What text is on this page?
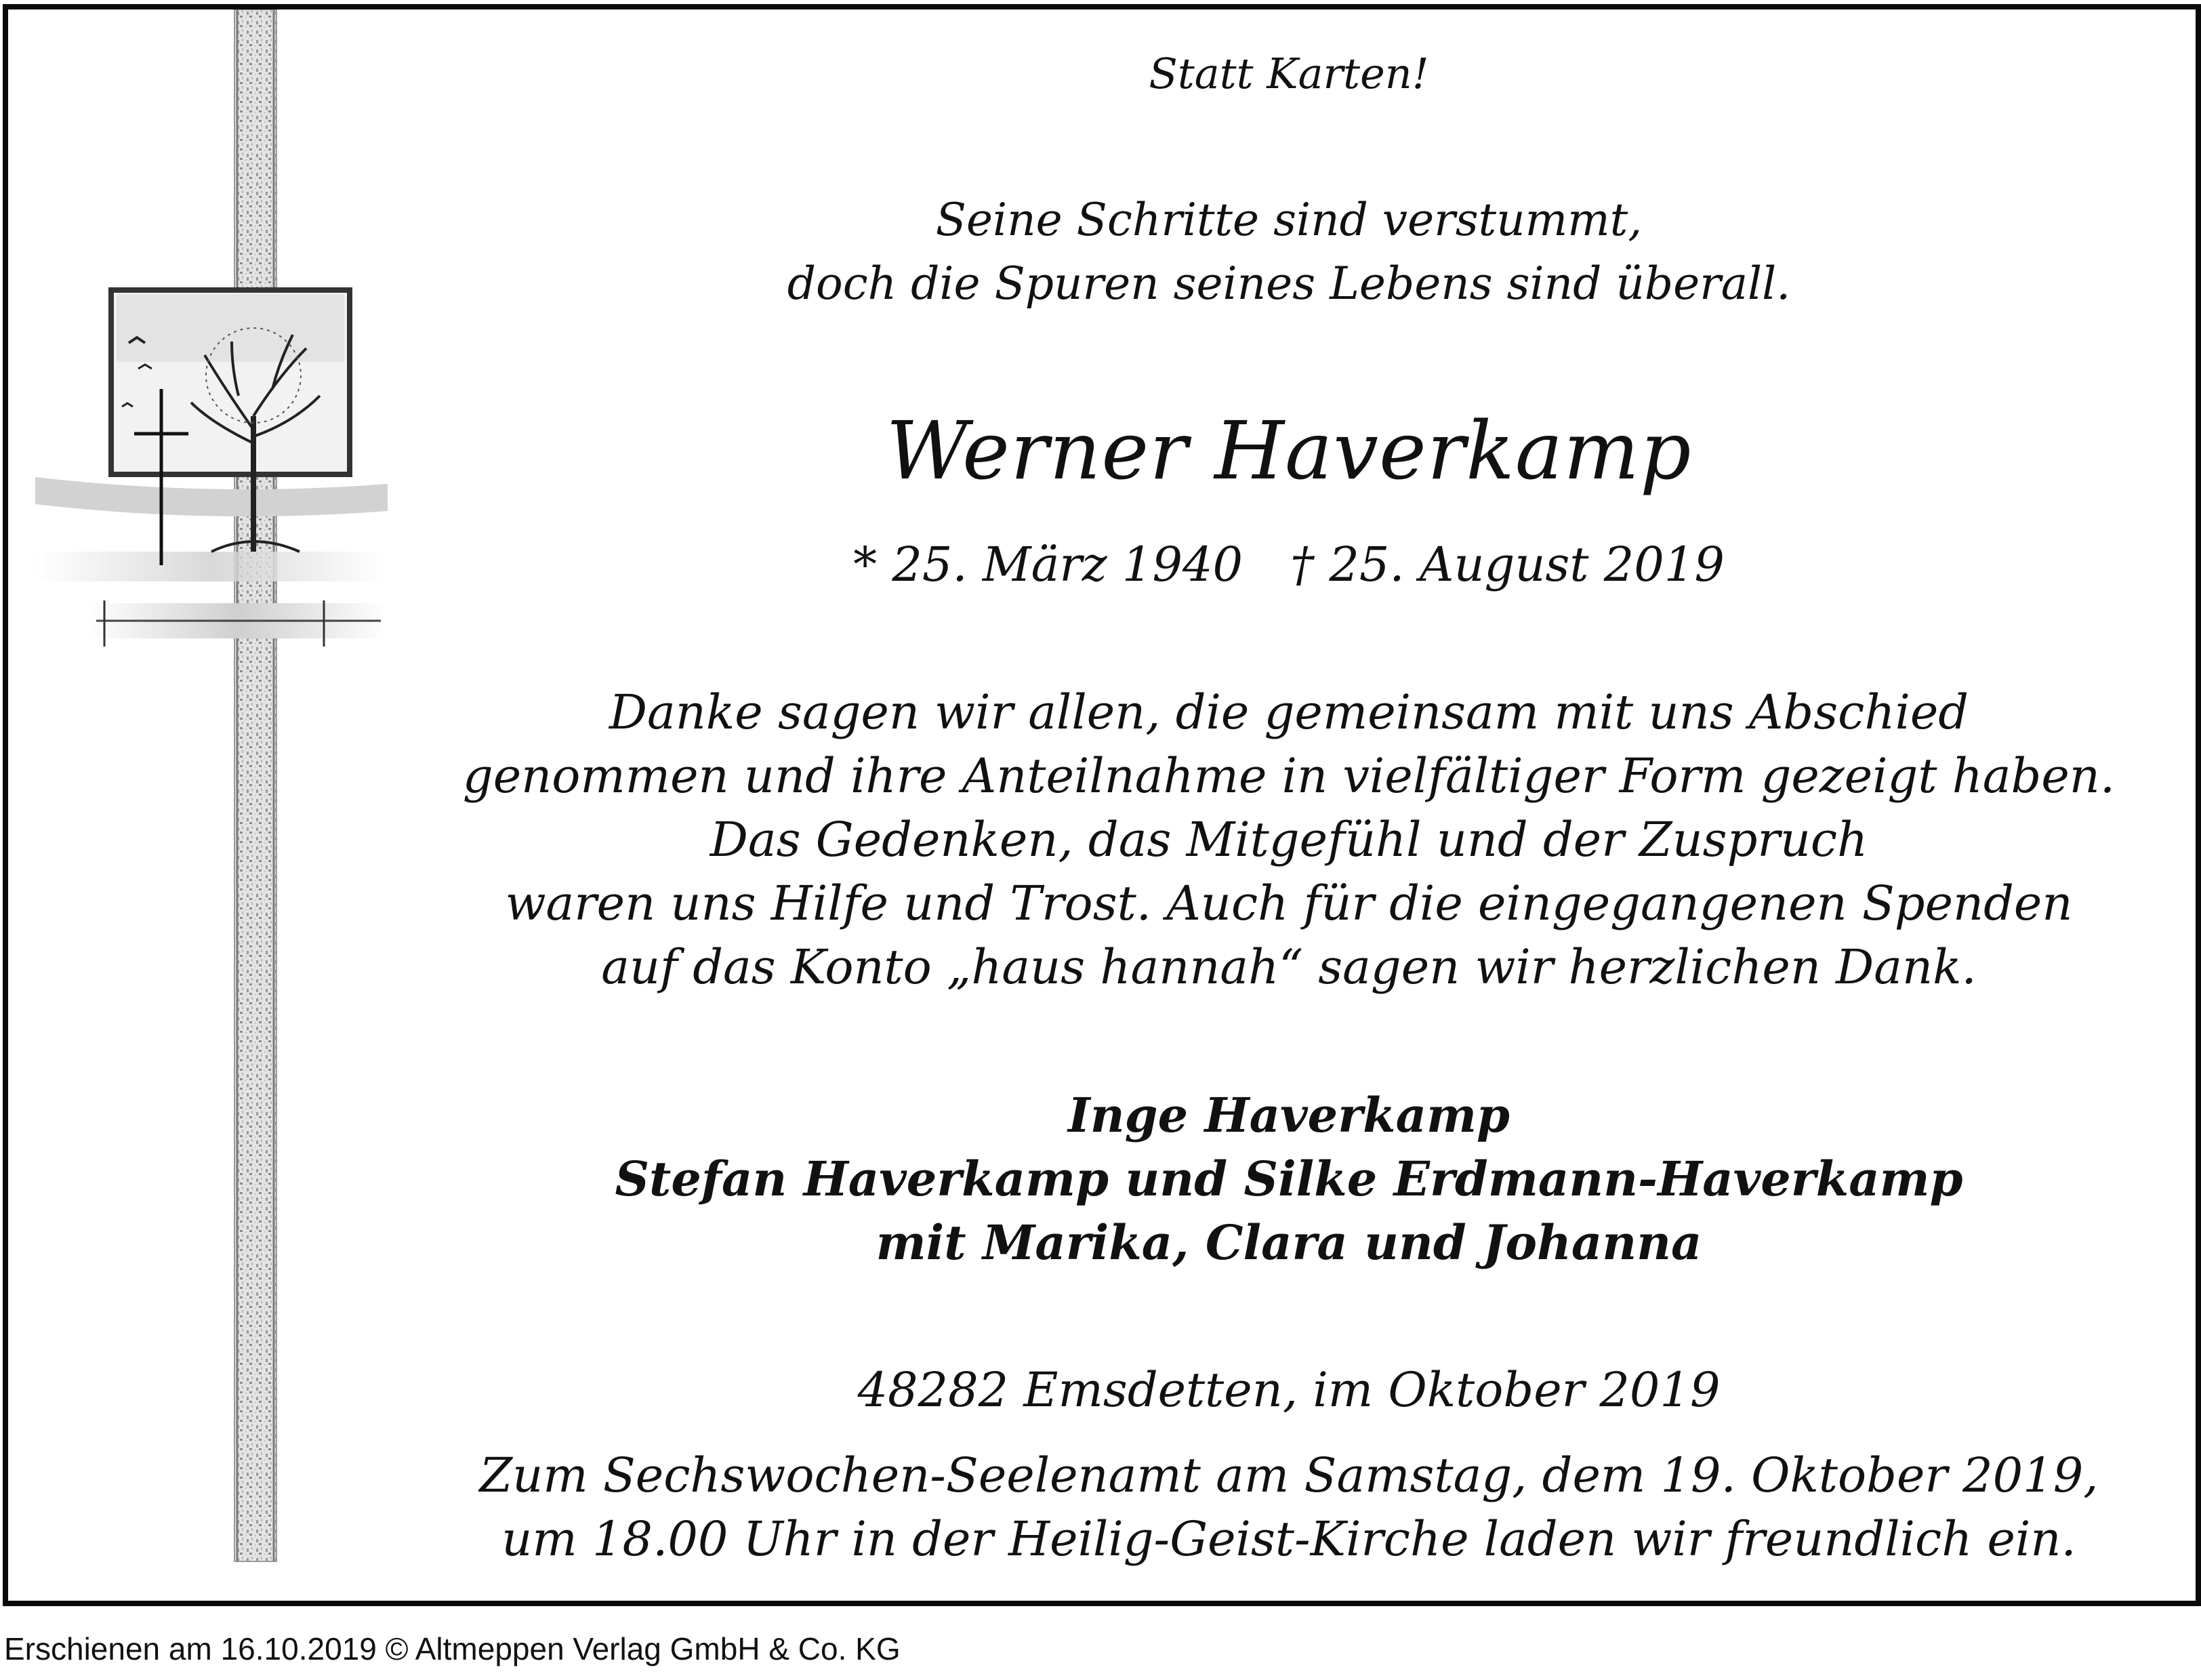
Statt Karten!
Seine Schritte sind verstummt,
doch die Spuren seines Lebens sind überall.
Werner Haverkamp
* 25. März 1940 † 25. August 2019
Danke sagen wir allen, die gemeinsam mit uns Abschied
genommen und ihre Anteilnahme in vielfältiger Form gezeigt haben.
Das Gedenken, das Mitgefühl und der Zuspruch
waren uns Hilfe und Trost. Auch für die eingegangenen Spenden
auf das Konto „haus hannah“ sagen wir herzlichen Dank.
Inge Haverkamp
Stefan Haverkamp und Silke Erdmann-Haverkamp
mit Marika, Clara und Johanna
48282 Emsdetten, im Oktober 2019
Zum Sechswochen-Seelenamt am Samstag, dem 19. Oktober 2019,
um 18.00 Uhr in der Heilig-Geist-Kirche laden wir freundlich ein.
Erschienen am 16.10.2019 © Altmeppen Verlag GmbH & Co. KG
